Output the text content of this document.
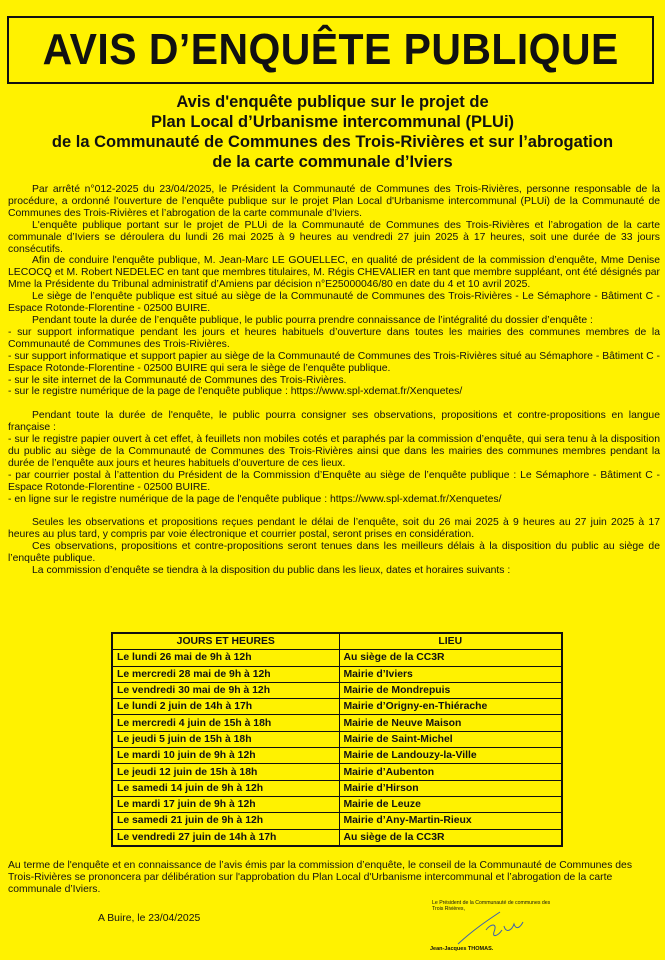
AVIS D’ENQUÊTE PUBLIQUE
Avis d'enquête publique sur le projet de
Plan Local d’Urbanisme intercommunal (PLUi)
de la Communauté de Communes des Trois-Rivières et sur l’abrogation
de la carte communale d’Iviers

Par arrêté n°012-2025 du 23/04/2025, le Président la Communauté de Communes des Trois-Rivières, personne responsable de la procédure, a ordonné l'ouverture de l’enquête publique sur le projet Plan Local d'Urbanisme intercommunal (PLUi) de la Communauté de Communes des Trois-Rivières et l’abrogation de la carte communale d’Iviers.

L'enquête publique portant sur le projet de PLUi de la Communauté de Communes des Trois-Rivières et l’abrogation de la carte communale d’Iviers se déroulera du lundi 26 mai 2025 à 9 heures au vendredi 27 juin 2025 à 17 heures, soit une durée de 33 jours consécutifs.

Afin de conduire l'enquête publique, M. Jean-Marc LE GOUELLEC, en qualité de président de la commission d’enquête, Mme Denise LECOCQ et M. Robert NEDELEC en tant que membres titulaires, M. Régis CHEVALIER en tant que membre suppléant, ont été désignés par Mme la Présidente du Tribunal administratif d’Amiens par décision n°E25000046/80 en date du 4 et 10 avril 2025.

Le siège de l’enquête publique est situé au siège de la Communauté de Communes des Trois-Rivières - Le Sémaphore - Bâtiment C - Espace Rotonde-Florentine - 02500 BUIRE.

Pendant toute la durée de l’enquête publique, le public pourra prendre connaissance de l’intégralité du dossier d’enquête :

- sur support informatique pendant les jours et heures habituels d’ouverture dans toutes les mairies des communes membres de la Communauté de Communes des Trois-Rivières.

- sur support informatique et support papier au siège de la Communauté de Communes des Trois-Rivières situé au Sémaphore - Bâtiment C - Espace Rotonde-Florentine - 02500 BUIRE qui sera le siège de l’enquête publique.

- sur le site internet de la Communauté de Communes des Trois-Rivières.

- sur le registre numérique de la page de l'enquête publique : https://www.spl-xdemat.fr/Xenquetes/

Pendant toute la durée de l'enquête, le public pourra consigner ses observations, propositions et contre-propositions en langue française :

- sur le registre papier ouvert à cet effet, à feuillets non mobiles cotés et paraphés par la commission d’enquête, qui sera tenu à la disposition du public au siège de la Communauté de Communes des Trois-Rivières ainsi que dans les mairies des communes membres pendant la durée de l’enquête aux jours et heures habituels d’ouverture de ces lieux.

- par courrier postal à l’attention du Président de la Commission d’Enquête au siège de l’enquête publique : Le Sémaphore - Bâtiment C - Espace Rotonde-Florentine - 02500 BUIRE.

- en ligne sur le registre numérique de la page de l'enquête publique : https://www.spl-xdemat.fr/Xenquetes/

Seules les observations et propositions reçues pendant le délai de l’enquête, soit du 26 mai 2025 à 9 heures au 27 juin 2025 à 17 heures au plus tard, y compris par voie électronique et courrier postal, seront prises en considération.

Ces observations, propositions et contre-propositions seront tenues dans les meilleurs délais à la disposition du public au siège de l’enquête publique.

La commission d’enquête se tiendra à la disposition du public dans les lieux, dates et horaires suivants :

JOURS ET HEURES	LIEU
Le lundi 26 mai de 9h à 12h	Au siège de la CC3R
Le mercredi 28 mai de 9h à 12h	Mairie d’Iviers
Le vendredi 30 mai de 9h à 12h	Mairie de Mondrepuis
Le lundi 2 juin de 14h à 17h	Mairie d’Origny-en-Thiérache
Le mercredi 4 juin de 15h à 18h	Mairie de Neuve Maison
Le jeudi 5 juin de 15h à 18h	Mairie de Saint-Michel
Le mardi 10 juin de 9h à 12h	Mairie de Landouzy-la-Ville
Le jeudi 12 juin de 15h à 18h	Mairie d’Aubenton
Le samedi 14 juin de 9h à 12h	Mairie d’Hirson
Le mardi 17 juin de 9h à 12h	Mairie de Leuze
Le samedi 21 juin de 9h à 12h	Mairie d’Any-Martin-Rieux
Le vendredi 27 juin de 14h à 17h	Au siège de la CC3R

Au terme de l'enquête et en connaissance de l’avis émis par la commission d’enquête, le conseil de la Communauté de Communes des Trois-Rivières se prononcera par délibération sur l'approbation du Plan Local d'Urbanisme intercommunal et l’abrogation de la carte communale d’Iviers.

A Buire, le 23/04/2025
Le Président de la Communauté de communes des Trois Rivières,
Jean-Jacques THOMAS.
